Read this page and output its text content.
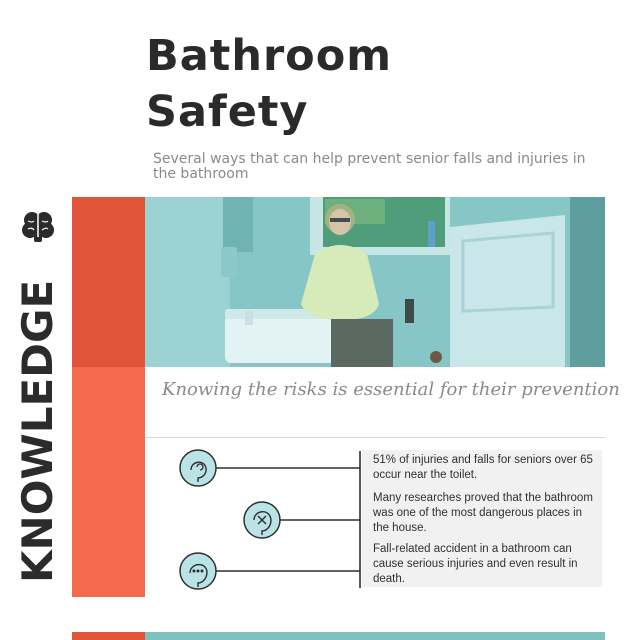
Bathroom
Safety

Several ways that can help prevent senior falls and injuries in the bathroom

KNOWLEDGE	Knowing the risks is essential for their prevention

51% of injuries and falls for seniors over 65 occur near the toilet.

Many researches proved that the bathroom was one of the most dangerous places in the house.

Fall-related accident in a bathroom can cause serious injuries and even result in death.
